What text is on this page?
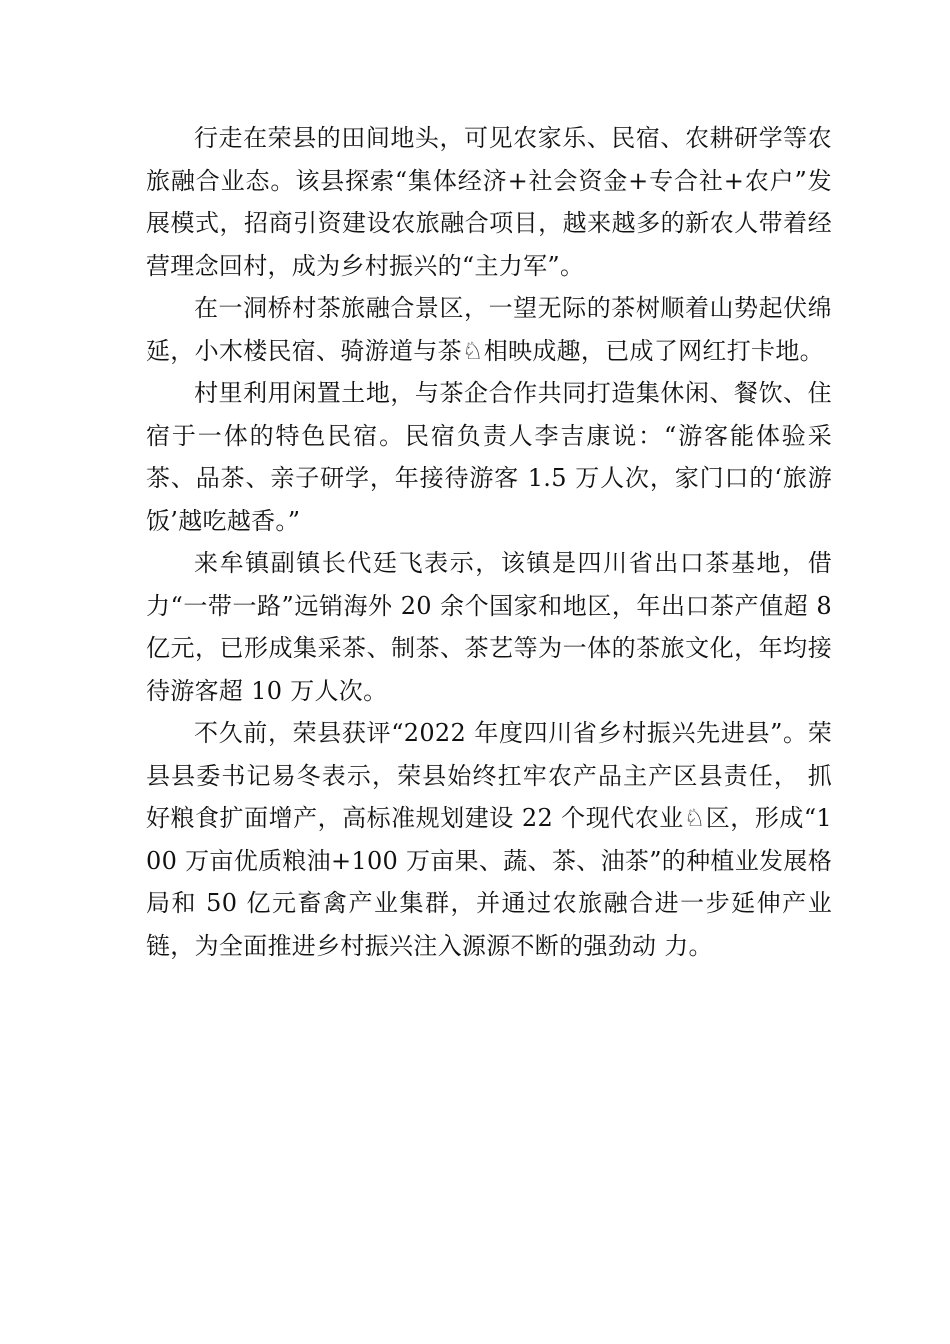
行走在荣县的田间地头，可见农家乐、民宿、农耕研学等农旅融合业态。该县探索“集体经济+社会资金+专合社+农户”发展模式，招商引资建设农旅融合项目，越来越多的新农人带着经营理念回村，成为乡村振兴的“主力军”。

在一洞桥村茶旅融合景区，一望无际的茶树顺着山势起伏绵延，小木楼民宿、骑游道与茶♘相映成趣，已成了网红打卡地。

村里利用闲置土地，与茶企合作共同打造集休闲、餐饮、住宿于一体的特色民宿。民宿负责人李吉康说：“游客能体验采茶、品茶、亲子研学，年接待游客 1.5 万人次，家门口的‘旅游饭’越吃越香。”

来牟镇副镇长代廷飞表示，该镇是四川省出口茶基地，借力“一带一路”远销海外 20 余个国家和地区，年出口茶产值超 8 亿元，已形成集采茶、制茶、茶艺等为一体的茶旅文化，年均接待游客超 10 万人次。

不久前，荣县获评“2022 年度四川省乡村振兴先进县”。荣县县委书记易冬表示，荣县始终扛牢农产品主产区县责任， 抓好粮食扩面增产，高标准规划建设 22 个现代农业♘区，形成“100 万亩优质粮油+100 万亩果、蔬、茶、油茶”的种植业发展格局和 50 亿元畜禽产业集群，并通过农旅融合进一步延伸产业链，为全面推进乡村振兴注入源源不断的强劲动 力。
